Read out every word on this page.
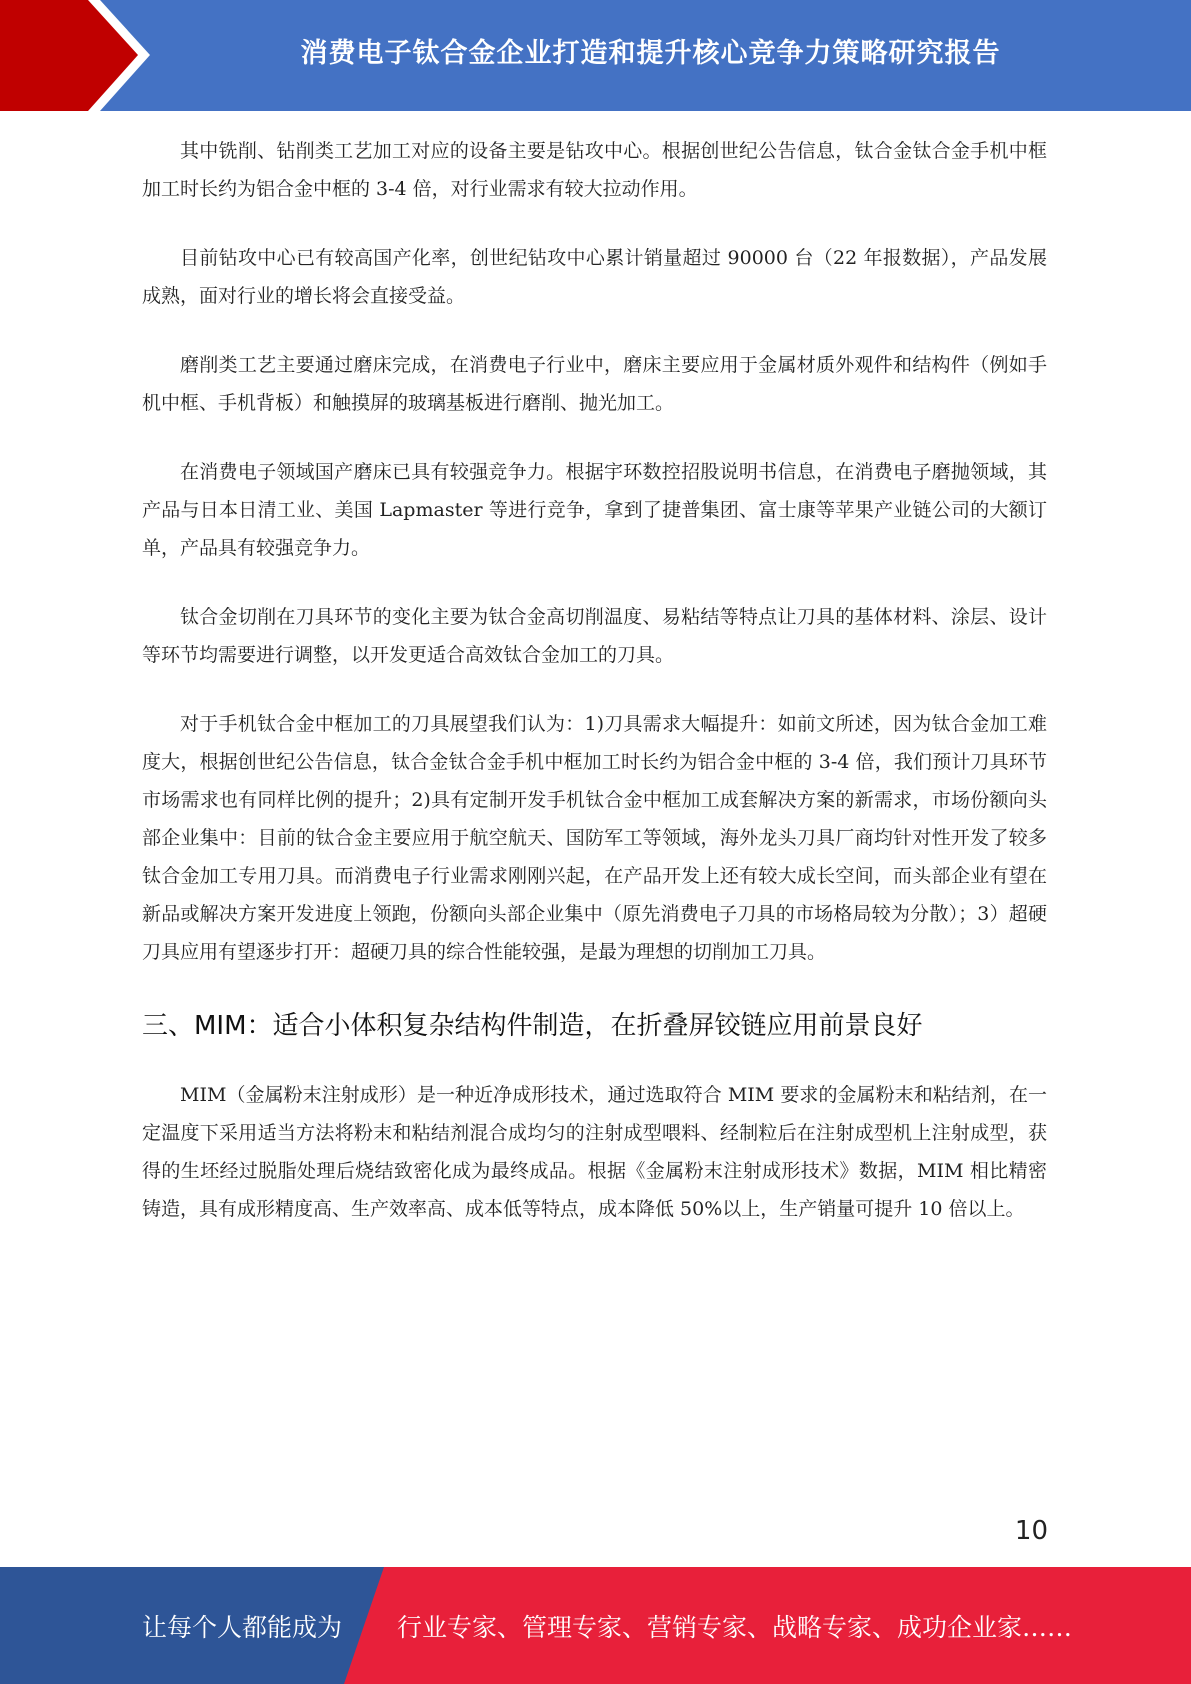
消费电子钛合金企业打造和提升核心竞争力策略研究报告

其中铣削、钻削类工艺加工对应的设备主要是钻攻中心。根据创世纪公告信息，钛合金钛合金手机中框加工时长约为铝合金中框的 3-4 倍，对行业需求有较大拉动作用。

目前钻攻中心已有较高国产化率，创世纪钻攻中心累计销量超过 90000 台（22 年报数据），产品发展成熟，面对行业的增长将会直接受益。

磨削类工艺主要通过磨床完成，在消费电子行业中，磨床主要应用于金属材质外观件和结构件（例如手机中框、手机背板）和触摸屏的玻璃基板进行磨削、抛光加工。

在消费电子领域国产磨床已具有较强竞争力。根据宇环数控招股说明书信息，在消费电子磨抛领域，其产品与日本日清工业、美国 Lapmaster 等进行竞争，拿到了捷普集团、富士康等苹果产业链公司的大额订单，产品具有较强竞争力。

钛合金切削在刀具环节的变化主要为钛合金高切削温度、易粘结等特点让刀具的基体材料、涂层、设计等环节均需要进行调整，以开发更适合高效钛合金加工的刀具。

对于手机钛合金中框加工的刀具展望我们认为：1)刀具需求大幅提升：如前文所述，因为钛合金加工难度大，根据创世纪公告信息，钛合金钛合金手机中框加工时长约为铝合金中框的 3-4 倍，我们预计刀具环节市场需求也有同样比例的提升；2)具有定制开发手机钛合金中框加工成套解决方案的新需求，市场份额向头部企业集中：目前的钛合金主要应用于航空航天、国防军工等领域，海外龙头刀具厂商均针对性开发了较多钛合金加工专用刀具。而消费电子行业需求刚刚兴起，在产品开发上还有较大成长空间，而头部企业有望在新品或解决方案开发进度上领跑，份额向头部企业集中（原先消费电子刀具的市场格局较为分散）；3）超硬刀具应用有望逐步打开：超硬刀具的综合性能较强，是最为理想的切削加工刀具。

三、MIM：适合小体积复杂结构件制造，在折叠屏铰链应用前景良好

MIM（金属粉末注射成形）是一种近净成形技术，通过选取符合 MIM 要求的金属粉末和粘结剂，在一定温度下采用适当方法将粉末和粘结剂混合成均匀的注射成型喂料、经制粒后在注射成型机上注射成型，获得的生坯经过脱脂处理后烧结致密化成为最终成品。根据《金属粉末注射成形技术》数据，MIM 相比精密铸造，具有成形精度高、生产效率高、成本低等特点，成本降低 50%以上，生产销量可提升 10 倍以上。

10
让每个人都能成为 行业专家、管理专家、营销专家、战略专家、成功企业家……
